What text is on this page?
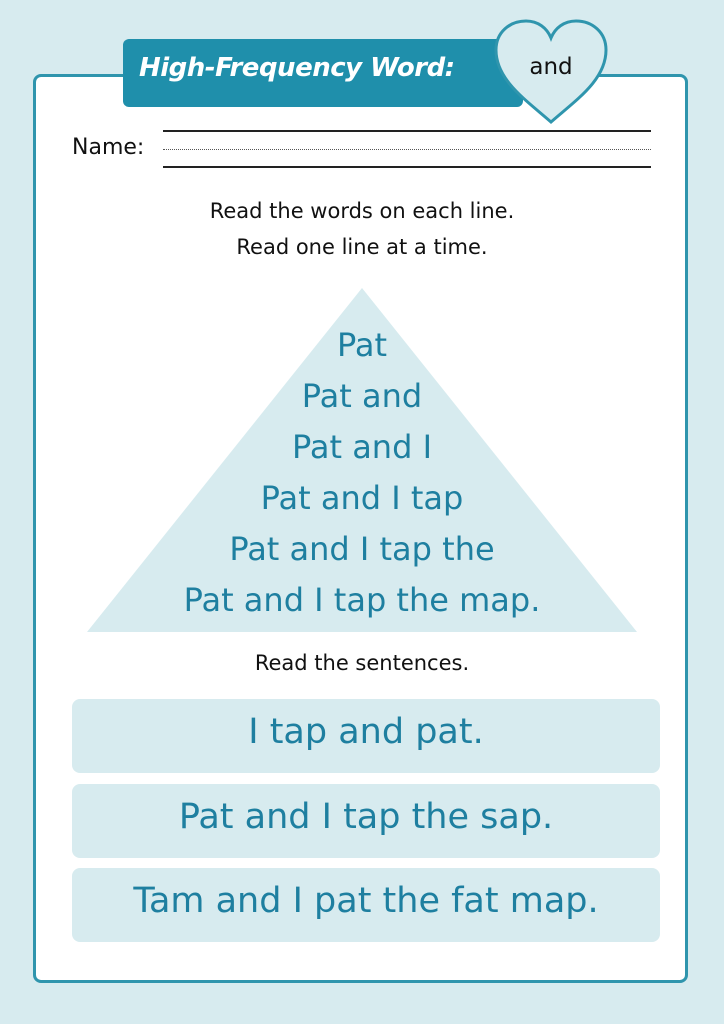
High-Frequency Word:	and
Name:
Read the words on each line.
Read one line at a time.
Pat
Pat and
Pat and I
Pat and I tap
Pat and I tap the
Pat and I tap the map.
Read the sentences.
I tap and pat.
Pat and I tap the sap.
Tam and I pat the fat map.
